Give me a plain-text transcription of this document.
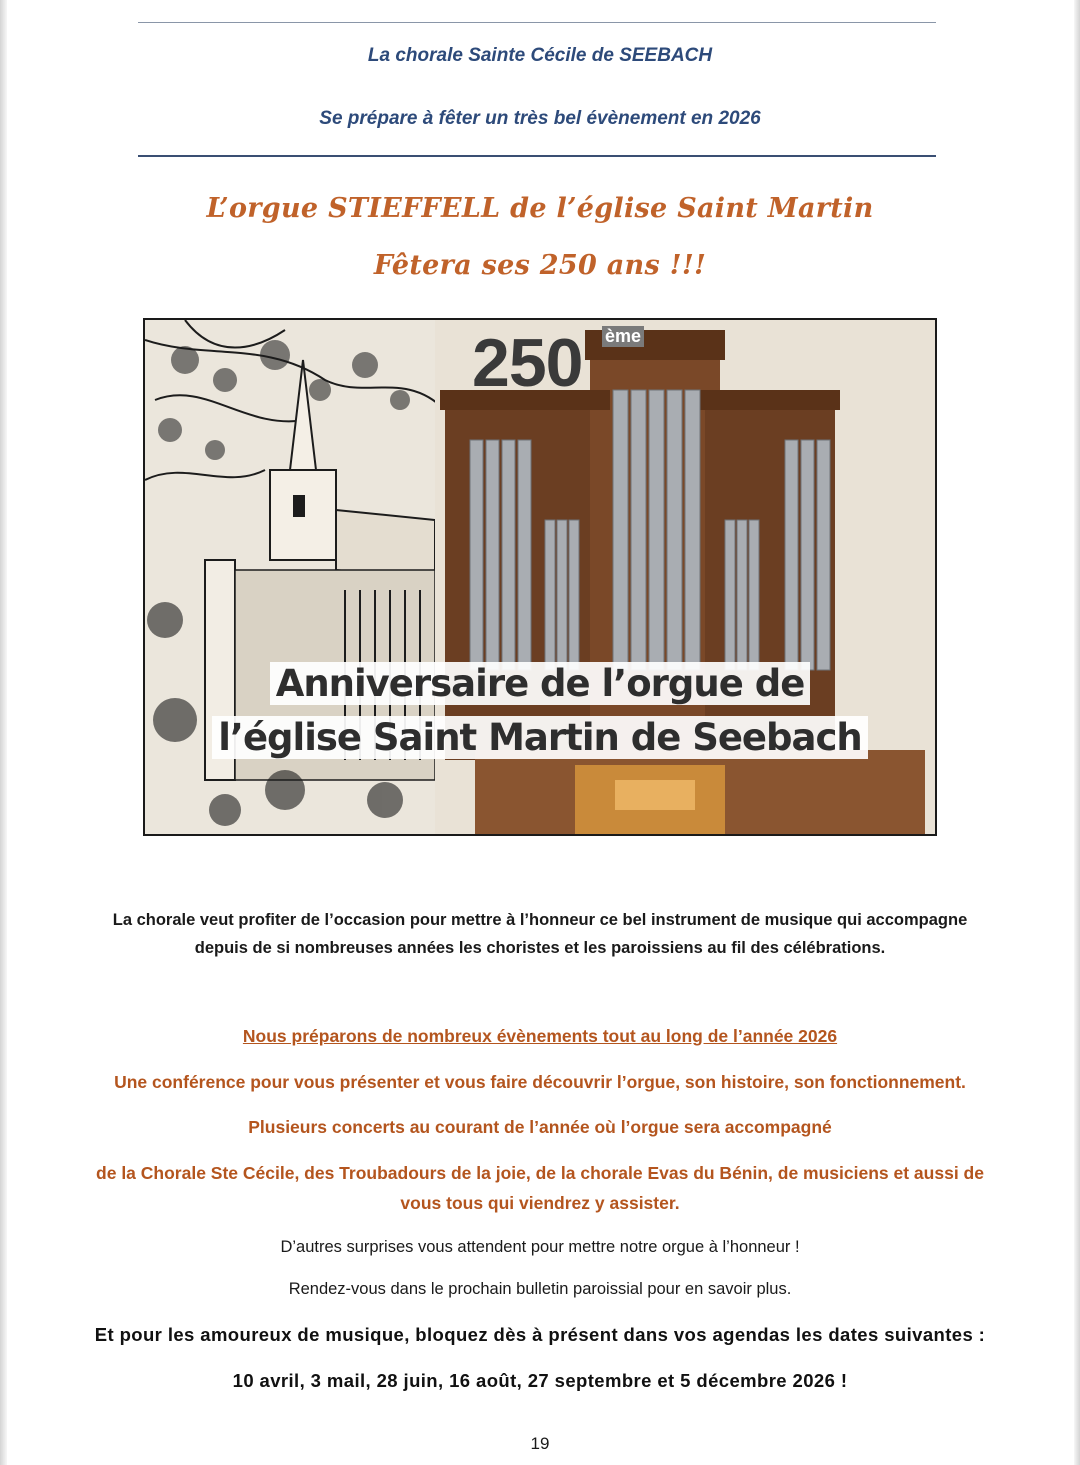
La chorale Sainte Cécile de SEEBACH
Se prépare à fêter un très bel évènement en 2026
L’orgue STIEFFELL de l’église Saint Martin
Fêtera ses 250 ans !!!
250 ème
Anniversaire de l’orgue de
l’église Saint Martin de Seebach
La chorale veut profiter de l’occasion pour mettre à l’honneur ce bel instrument de musique qui accompagne
depuis de si nombreuses années les choristes et les paroissiens au fil des célébrations.
Nous préparons de nombreux évènements tout au long de l’année 2026
Une conférence pour vous présenter et vous faire découvrir l’orgue, son histoire, son fonctionnement.
Plusieurs concerts au courant de l’année où l’orgue sera accompagné
de la Chorale Ste Cécile, des Troubadours de la joie, de la chorale Evas du Bénin, de musiciens et aussi de
vous tous qui viendrez y assister.
D’autres surprises vous attendent pour mettre notre orgue à l’honneur !
Rendez-vous dans le prochain bulletin paroissial pour en savoir plus.
Et pour les amoureux de musique, bloquez dès à présent dans vos agendas les dates suivantes :
10 avril, 3 mail, 28 juin, 16 août, 27 septembre et 5 décembre 2026 !
19
